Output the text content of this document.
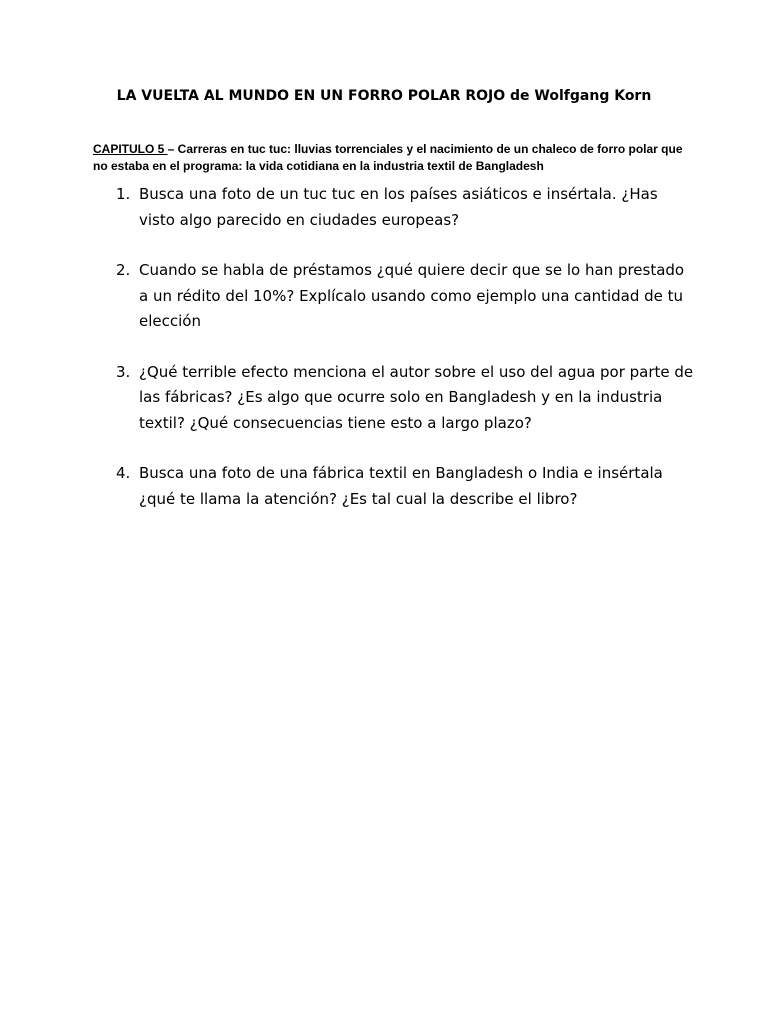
LA VUELTA AL MUNDO EN UN FORRO POLAR ROJO de Wolfgang Korn
CAPITULO 5 – Carreras en tuc tuc: lluvias torrenciales y el nacimiento de un chaleco de forro polar que no estaba en el programa: la vida cotidiana en la industria textil de Bangladesh
1. Busca una foto de un tuc tuc en los países asiáticos e insértala. ¿Has visto algo parecido en ciudades europeas?
2. Cuando se habla de préstamos ¿qué quiere decir que se lo han prestado a un rédito del 10%? Explícalo usando como ejemplo una cantidad de tu elección
3. ¿Qué terrible efecto menciona el autor sobre el uso del agua por parte de las fábricas? ¿Es algo que ocurre solo en Bangladesh y en la industria textil? ¿Qué consecuencias tiene esto a largo plazo?
4. Busca una foto de una fábrica textil en Bangladesh o India e insértala ¿qué te llama la atención? ¿Es tal cual la describe el libro?
